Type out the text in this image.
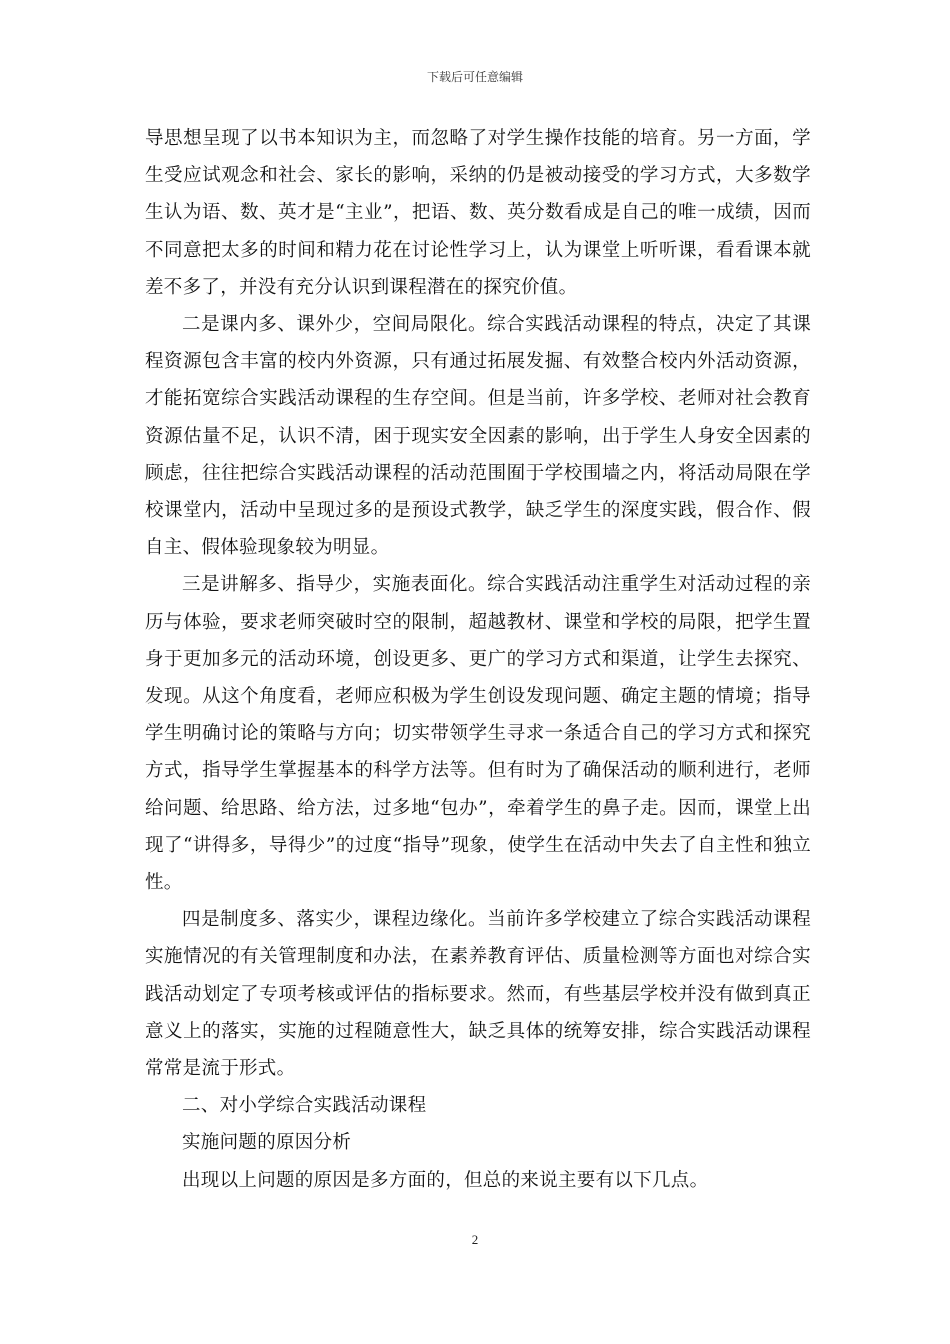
下载后可任意编辑

导思想呈现了以书本知识为主，而忽略了对学生操作技能的培育。另一方面，学生受应试观念和社会、家长的影响，采纳的仍是被动接受的学习方式，大多数学生认为语、数、英才是“主业”，把语、数、英分数看成是自己的唯一成绩，因而不同意把太多的时间和精力花在讨论性学习上，认为课堂上听听课，看看课本就差不多了，并没有充分认识到课程潜在的探究价值。

二是课内多、课外少，空间局限化。综合实践活动课程的特点，决定了其课程资源包含丰富的校内外资源，只有通过拓展发掘、有效整合校内外活动资源，才能拓宽综合实践活动课程的生存空间。但是当前，许多学校、老师对社会教育资源估量不足，认识不清，困于现实安全因素的影响，出于学生人身安全因素的顾虑，往往把综合实践活动课程的活动范围囿于学校围墙之内，将活动局限在学校课堂内，活动中呈现过多的是预设式教学，缺乏学生的深度实践，假合作、假自主、假体验现象较为明显。

三是讲解多、指导少，实施表面化。综合实践活动注重学生对活动过程的亲历与体验，要求老师突破时空的限制，超越教材、课堂和学校的局限，把学生置身于更加多元的活动环境，创设更多、更广的学习方式和渠道，让学生去探究、发现。从这个角度看，老师应积极为学生创设发现问题、确定主题的情境；指导学生明确讨论的策略与方向；切实带领学生寻求一条适合自己的学习方式和探究方式，指导学生掌握基本的科学方法等。但有时为了确保活动的顺利进行，老师给问题、给思路、给方法，过多地“包办”，牵着学生的鼻子走。因而，课堂上出现了“讲得多，导得少”的过度“指导”现象，使学生在活动中失去了自主性和独立性。

四是制度多、落实少，课程边缘化。当前许多学校建立了综合实践活动课程实施情况的有关管理制度和办法，在素养教育评估、质量检测等方面也对综合实践活动划定了专项考核或评估的指标要求。然而，有些基层学校并没有做到真正意义上的落实，实施的过程随意性大，缺乏具体的统筹安排，综合实践活动课程常常是流于形式。

二、对小学综合实践活动课程

实施问题的原因分析

出现以上问题的原因是多方面的，但总的来说主要有以下几点。

2
